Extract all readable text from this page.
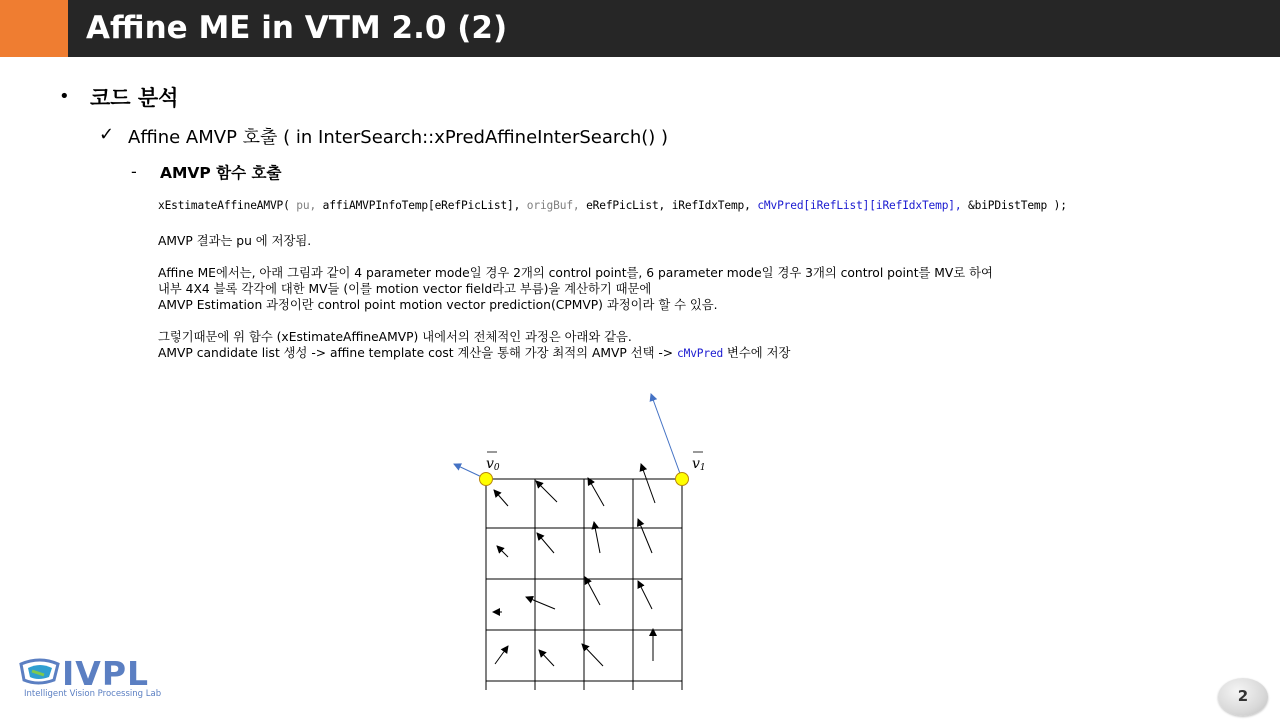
Affine ME in VTM 2.0 (2)
• 코드 분석
✓ Affine AMVP 호출 ( in InterSearch::xPredAffineInterSearch() )
- AMVP 함수 호출
xEstimateAffineAMVP( pu, affiAMVPInfoTemp[eRefPicList], origBuf, eRefPicList, iRefIdxTemp, cMvPred[iRefList][iRefIdxTemp], &biPDistTemp );
AMVP 결과는 pu 에 저장됨.
Affine ME에서는, 아래 그림과 같이 4 parameter mode일 경우 2개의 control point를, 6 parameter mode일 경우 3개의 control point를 MV로 하여
내부 4X4 블록 각각에 대한 MV들 (이를 motion vector field라고 부름)을 계산하기 때문에
AMVP Estimation 과정이란 control point motion vector prediction(CPMVP) 과정이라 할 수 있음.
그렇기때문에 위 함수 (xEstimateAffineAMVP) 내에서의 전체적인 과정은 아래와 같음.
AMVP candidate list 생성 -> affine template cost 계산을 통해 가장 최적의 AMVP 선택 -> cMvPred 변수에 저장
v0	v1
IVPL
Intelligent Vision Processing Lab	2
